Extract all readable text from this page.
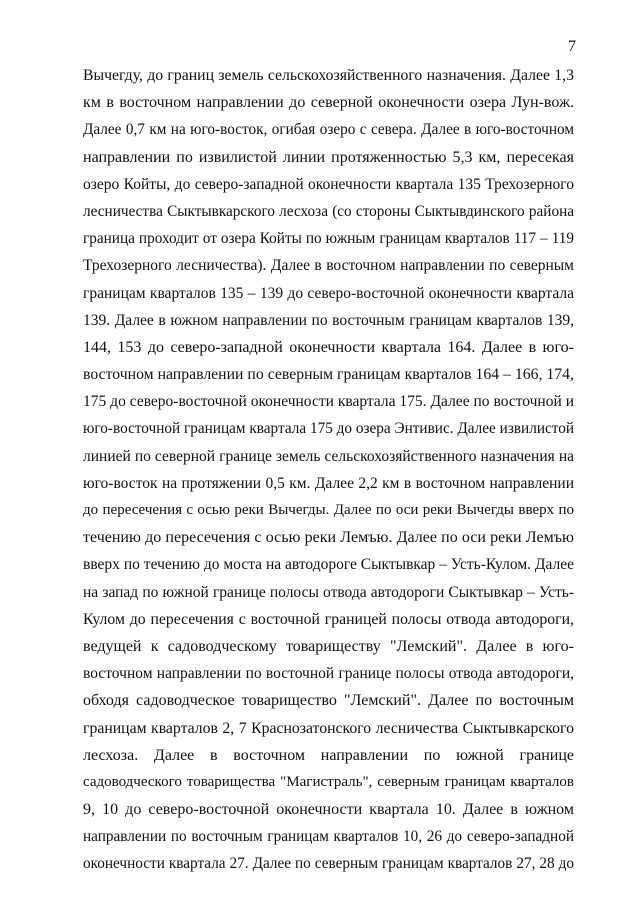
7
Вычегду, до границ земель сельскохозяйственного назначения. Далее 1,3
км в восточном направлении до северной оконечности озера Лун-вож.
Далее 0,7 км на юго-восток, огибая озеро с севера. Далее в юго-восточном
направлении по извилистой линии протяженностью 5,3 км, пересекая
озеро Койты, до северо-западной оконечности квартала 135 Трехозерного
лесничества Сыктывкарского лесхоза (со стороны Сыктывдинского района
граница проходит от озера Койты по южным границам кварталов 117 – 119
Трехозерного лесничества). Далее в восточном направлении по северным
границам кварталов 135 – 139 до северо-восточной оконечности квартала
139. Далее в южном направлении по восточным границам кварталов 139,
144, 153 до северо-западной оконечности квартала 164. Далее в юго-
восточном направлении по северным границам кварталов 164 – 166, 174,
175 до северо-восточной оконечности квартала 175. Далее по восточной и
юго-восточной границам квартала 175 до озера Энтивис. Далее извилистой
линией по северной границе земель сельскохозяйственного назначения на
юго-восток на протяжении 0,5 км. Далее 2,2 км в восточном направлении
до пересечения с осью реки Вычегды. Далее по оси реки Вычегды вверх по
течению до пересечения с осью реки Лемъю. Далее по оси реки Лемъю
вверх по течению до моста на автодороге Сыктывкар – Усть-Кулом. Далее
на запад по южной границе полосы отвода автодороги Сыктывкар – Усть-
Кулом до пересечения с восточной границей полосы отвода автодороги,
ведущей к садоводческому товариществу "Лемский". Далее в юго-
восточном направлении по восточной границе полосы отвода автодороги,
обходя садоводческое товарищество "Лемский". Далее по восточным
границам кварталов 2, 7 Краснозатонского лесничества Сыктывкарского
лесхоза. Далее в восточном направлении по южной границе
садоводческого товарищества "Магистраль", северным границам кварталов
9, 10 до северо-восточной оконечности квартала 10. Далее в южном
направлении по восточным границам кварталов 10, 26 до северо-западной
оконечности квартала 27. Далее по северным границам кварталов 27, 28 до
